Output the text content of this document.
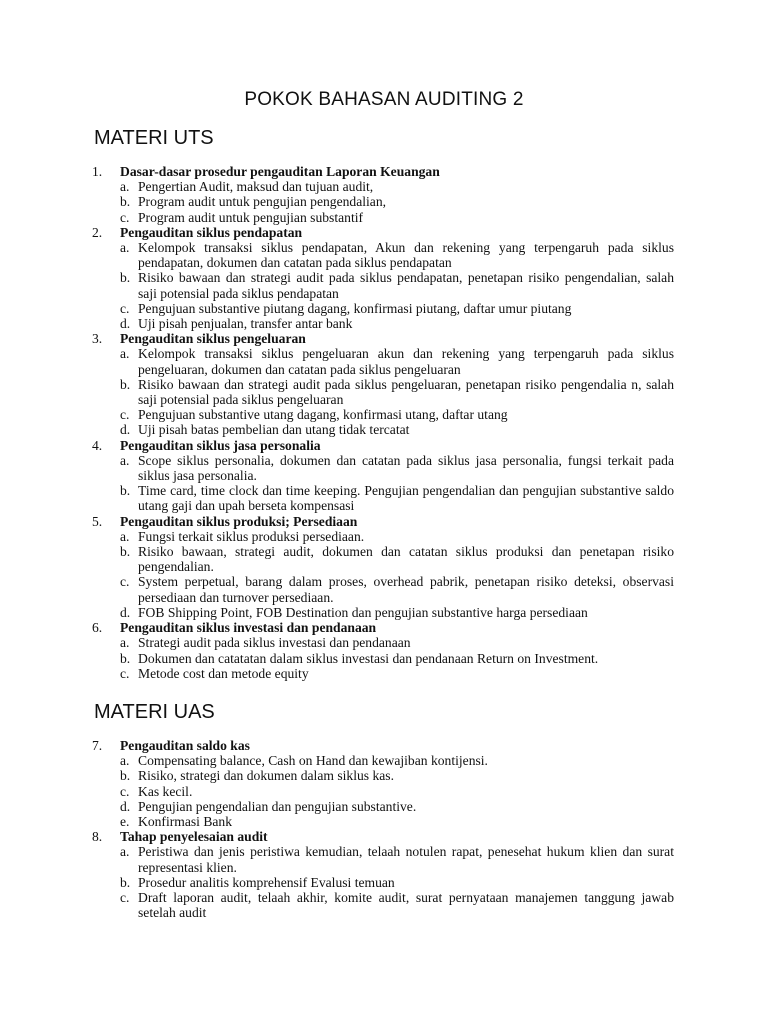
POKOK BAHASAN AUDITING 2
MATERI UTS
1. Dasar-dasar prosedur pengauditan Laporan Keuangan
a. Pengertian Audit, maksud dan tujuan audit,
b. Program audit untuk pengujian pengendalian,
c. Program audit untuk pengujian substantif
2. Pengauditan siklus pendapatan
a. Kelompok transaksi siklus pendapatan, Akun dan rekening yang terpengaruh pada siklus pendapatan, dokumen dan catatan pada siklus pendapatan
b. Risiko bawaan dan strategi audit pada siklus pendapatan, penetapan risiko pengendalian, salah saji potensial pada siklus pendapatan
c. Pengujuan substantive piutang dagang, konfirmasi piutang, daftar umur piutang
d. Uji pisah penjualan, transfer antar bank
3. Pengauditan siklus pengeluaran
a. Kelompok transaksi siklus pengeluaran akun dan rekening yang terpengaruh pada siklus pengeluaran, dokumen dan catatan pada siklus pengeluaran
b. Risiko bawaan dan strategi audit pada siklus pengeluaran, penetapan risiko pengendalia n, salah saji potensial pada siklus pengeluaran
c. Pengujuan substantive utang dagang, konfirmasi utang, daftar utang
d. Uji pisah batas pembelian dan utang tidak tercatat
4. Pengauditan siklus jasa personalia
a. Scope siklus personalia, dokumen dan catatan pada siklus jasa personalia, fungsi terkait pada siklus jasa personalia.
b. Time card, time clock dan time keeping. Pengujian pengendalian dan pengujian substantive saldo utang gaji dan upah berseta kompensasi
5. Pengauditan siklus produksi; Persediaan
a. Fungsi terkait siklus produksi persediaan.
b. Risiko bawaan, strategi audit, dokumen dan catatan siklus produksi dan penetapan risiko pengendalian.
c. System perpetual, barang dalam proses, overhead pabrik, penetapan risiko deteksi, observasi persediaan dan turnover persediaan.
d. FOB Shipping Point, FOB Destination dan pengujian substantive harga persediaan
6. Pengauditan siklus investasi dan pendanaan
a. Strategi audit pada siklus investasi dan pendanaan
b. Dokumen dan catatatan dalam siklus investasi dan pendanaan Return on Investment.
c. Metode cost dan metode equity
MATERI UAS
7. Pengauditan saldo kas
a. Compensating balance, Cash on Hand dan kewajiban kontijensi.
b. Risiko, strategi dan dokumen dalam siklus kas.
c. Kas kecil.
d. Pengujian pengendalian dan pengujian substantive.
e. Konfirmasi Bank
8. Tahap penyelesaian audit
a. Peristiwa dan jenis peristiwa kemudian, telaah notulen rapat, penesehat hukum klien dan surat representasi klien.
b. Prosedur analitis komprehensif Evalusi temuan
c. Draft laporan audit, telaah akhir, komite audit, surat pernyataan manajemen tanggung jawab setelah audit
